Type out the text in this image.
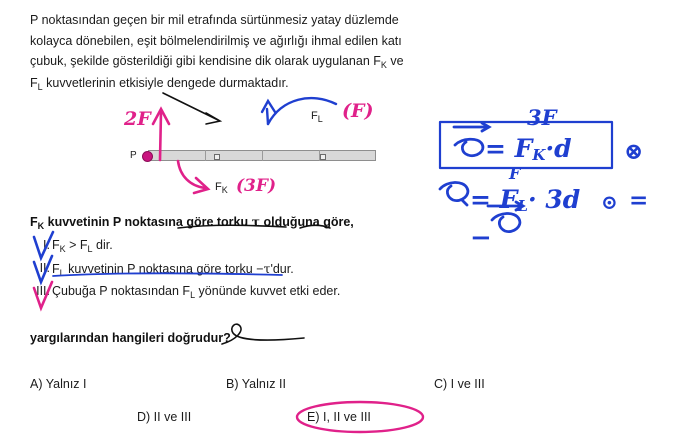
P noktasından geçen bir mil etrafında sürtünmesiz yatay düzlemde
kolayca dönebilen, eşit bölmelendirilmiş ve ağırlığı ihmal edilen katı
çubuk, şekilde gösterildiği gibi kendisine dik olarak uygulanan $F_K$ ve
$F_L$ kuvvetlerinin etkisiyle dengede durmaktadır.
P
$F_L$
$F_K$
$F_K$ kuvvetinin P noktasına göre torku τ olduğuna göre,
I. $F_K > F_L$ dir.
II. $F_L$ kuvvetinin P noktasına göre torku −τ'dur.
III. Çubuğa P noktasından $F_L$ yönünde kuvvet etki eder.
yargılarından hangileri doğrudur?
A) Yalnız I	B) Yalnız II	C) I ve III
D) II ve III	E) I, II ve III
2F
(3F)
(F)	3F
= $F_K\cdot d$ ⊗
F
= $F_L\cdot 3d$ ⊙ =
−
